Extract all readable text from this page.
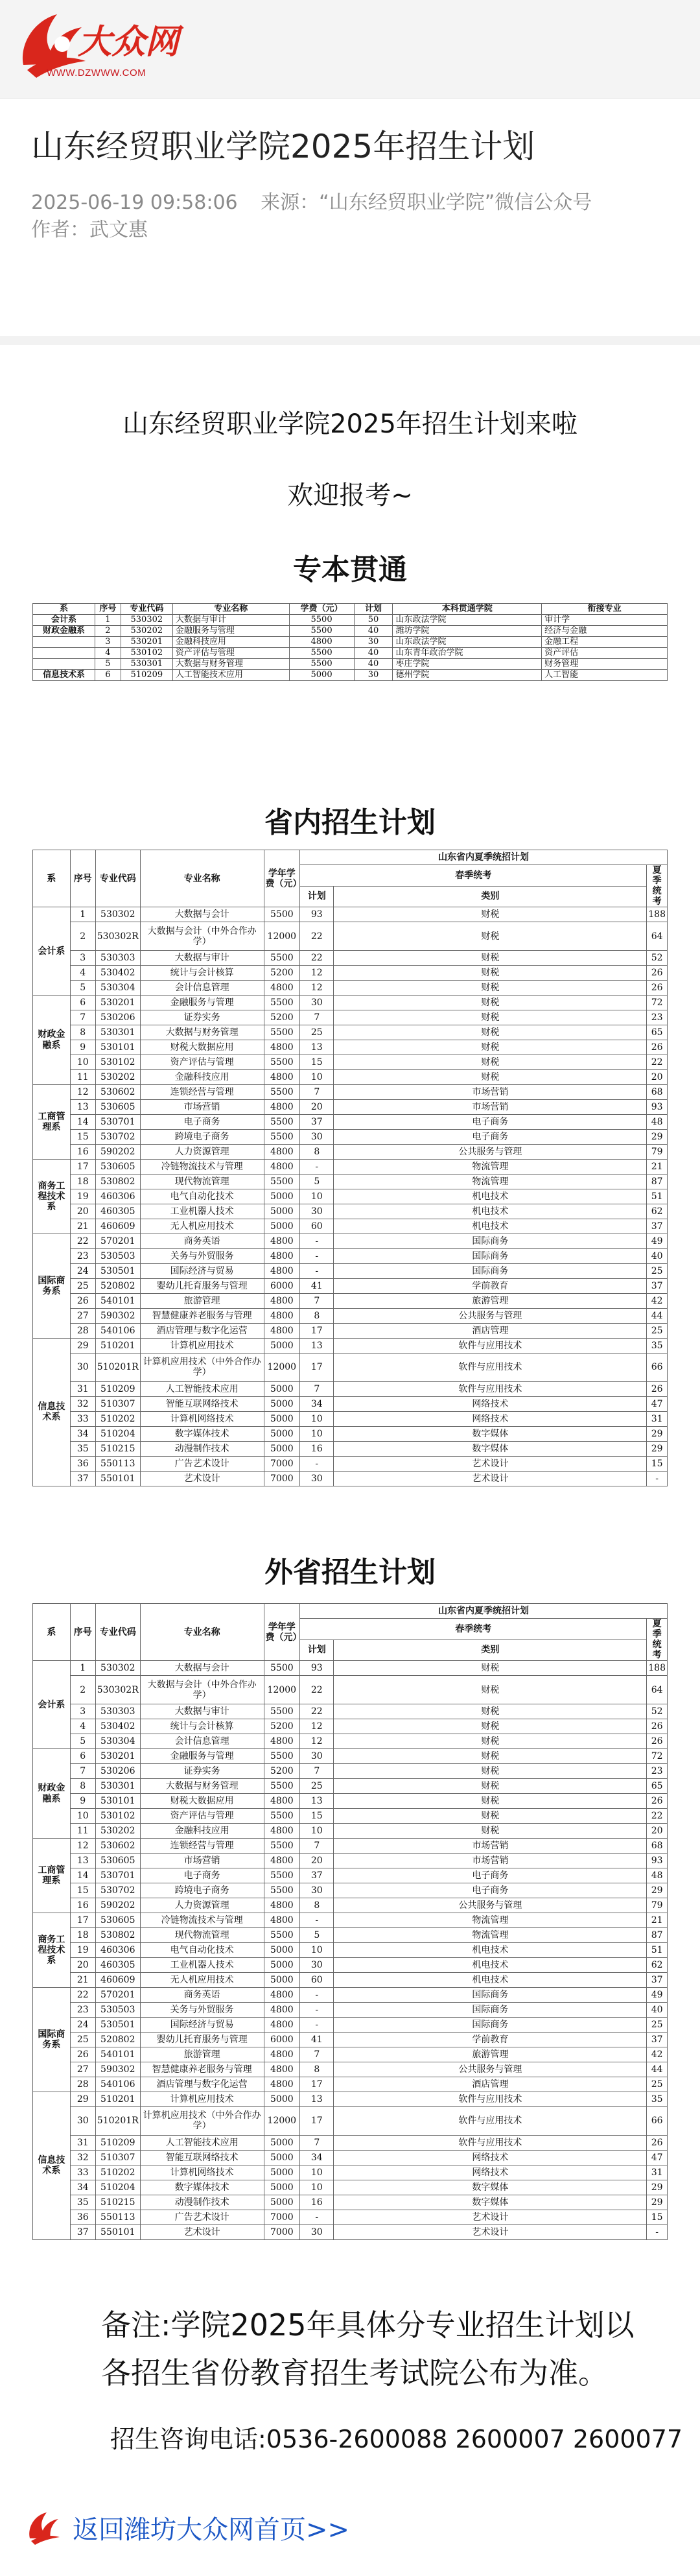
大众网
WWW.DZWWW.COM
山东经贸职业学院2025年招生计划
2025-06-19 09:58:06 来源：“山东经贸职业学院”微信公众号
作者：武文惠
山东经贸职业学院2025年招生计划来啦
欢迎报考~
专本贯通
系	序号	专业代码	专业名称	学费（元）	计划	本科贯通学院	衔接专业
会计系	1	530302	大数据与审计	5500	50	山东政法学院	审计学
财政金融系	2	530202	金融服务与管理	5500	40	潍坊学院	经济与金融
	3	530201	金融科技应用	4800	30	山东政法学院	金融工程
	4	530102	资产评估与管理	5500	40	山东青年政治学院	资产评估
	5	530301	大数据与财务管理	5500	40	枣庄学院	财务管理
信息技术系	6	510209	人工智能技术应用	5000	30	德州学院	人工智能
省内招生计划
系	序号	专业代码	专业名称	学年学费（元）	山东省内夏季统招计划		
					春季统考		夏季统考
					计划	类别	
会计系	1	530302	大数据与会计	5500	93	财税	188
	2	530302R	大数据与会计（中外合作办学）	12000	22	财税	64
	3	530303	大数据与审计	5500	22	财税	52
	4	530402	统计与会计核算	5200	12	财税	26
	5	530304	会计信息管理	4800	12	财税	26
财政金融系	6	530201	金融服务与管理	5500	30	财税	72
	7	530206	证券实务	5200	7	财税	23
	8	530301	大数据与财务管理	5500	25	财税	65
	9	530101	财税大数据应用	4800	13	财税	26
	10	530102	资产评估与管理	5500	15	财税	22
	11	530202	金融科技应用	4800	10	财税	20
工商管理系	12	530602	连锁经营与管理	5500	7	市场营销	68
	13	530605	市场营销	4800	20	市场营销	93
	14	530701	电子商务	5500	37	电子商务	48
	15	530702	跨境电子商务	5500	30	电子商务	29
	16	590202	人力资源管理	4800	8	公共服务与管理	79
商务工程技术系	17	530605	冷链物流技术与管理	4800	-	物流管理	21
	18	530802	现代物流管理	5500	5	物流管理	87
	19	460306	电气自动化技术	5000	10	机电技术	51
	20	460305	工业机器人技术	5000	30	机电技术	62
	21	460609	无人机应用技术	5000	60	机电技术	37
国际商务系	22	570201	商务英语	4800	-	国际商务	49
	23	530503	关务与外贸服务	4800	-	国际商务	40
	24	530501	国际经济与贸易	4800	-	国际商务	25
	25	520802	婴幼儿托育服务与管理	6000	41	学前教育	37
	26	540101	旅游管理	4800	7	旅游管理	42
	27	590302	智慧健康养老服务与管理	4800	8	公共服务与管理	44
	28	540106	酒店管理与数字化运营	4800	17	酒店管理	25
信息技术系	29	510201	计算机应用技术	5000	13	软件与应用技术	35
	30	510201R	计算机应用技术（中外合作办学）	12000	17	软件与应用技术	66
	31	510209	人工智能技术应用	5000	7	软件与应用技术	26
	32	510307	智能互联网络技术	5000	34	网络技术	47
	33	510202	计算机网络技术	5000	10	网络技术	31
	34	510204	数字媒体技术	5000	10	数字媒体	29
	35	510215	动漫制作技术	5000	16	数字媒体	29
	36	550113	广告艺术设计	7000	-	艺术设计	15
	37	550101	艺术设计	7000	30	艺术设计	-
外省招生计划
系	序号	专业代码	专业名称	学年学费（元）	山东省内夏季统招计划		
					春季统考		夏季统考
					计划	类别	
会计系	1	530302	大数据与会计	5500	93	财税	188
	2	530302R	大数据与会计（中外合作办学）	12000	22	财税	64
	3	530303	大数据与审计	5500	22	财税	52
	4	530402	统计与会计核算	5200	12	财税	26
	5	530304	会计信息管理	4800	12	财税	26
财政金融系	6	530201	金融服务与管理	5500	30	财税	72
	7	530206	证券实务	5200	7	财税	23
	8	530301	大数据与财务管理	5500	25	财税	65
	9	530101	财税大数据应用	4800	13	财税	26
	10	530102	资产评估与管理	5500	15	财税	22
	11	530202	金融科技应用	4800	10	财税	20
工商管理系	12	530602	连锁经营与管理	5500	7	市场营销	68
	13	530605	市场营销	4800	20	市场营销	93
	14	530701	电子商务	5500	37	电子商务	48
	15	530702	跨境电子商务	5500	30	电子商务	29
	16	590202	人力资源管理	4800	8	公共服务与管理	79
商务工程技术系	17	530605	冷链物流技术与管理	4800	-	物流管理	21
	18	530802	现代物流管理	5500	5	物流管理	87
	19	460306	电气自动化技术	5000	10	机电技术	51
	20	460305	工业机器人技术	5000	30	机电技术	62
	21	460609	无人机应用技术	5000	60	机电技术	37
国际商务系	22	570201	商务英语	4800	-	国际商务	49
	23	530503	关务与外贸服务	4800	-	国际商务	40
	24	530501	国际经济与贸易	4800	-	国际商务	25
	25	520802	婴幼儿托育服务与管理	6000	41	学前教育	37
	26	540101	旅游管理	4800	7	旅游管理	42
	27	590302	智慧健康养老服务与管理	4800	8	公共服务与管理	44
	28	540106	酒店管理与数字化运营	4800	17	酒店管理	25
信息技术系	29	510201	计算机应用技术	5000	13	软件与应用技术	35
	30	510201R	计算机应用技术（中外合作办学）	12000	17	软件与应用技术	66
	31	510209	人工智能技术应用	5000	7	软件与应用技术	26
	32	510307	智能互联网络技术	5000	34	网络技术	47
	33	510202	计算机网络技术	5000	10	网络技术	31
	34	510204	数字媒体技术	5000	10	数字媒体	29
	35	510215	动漫制作技术	5000	16	数字媒体	29
	36	550113	广告艺术设计	7000	-	艺术设计	15
	37	550101	艺术设计	7000	30	艺术设计	-
备注:学院2025年具体分专业招生计划以各招生省份教育招生考试院公布为准。
招生咨询电话:0536-2600088 2600007 2600077
返回潍坊大众网首页>>
